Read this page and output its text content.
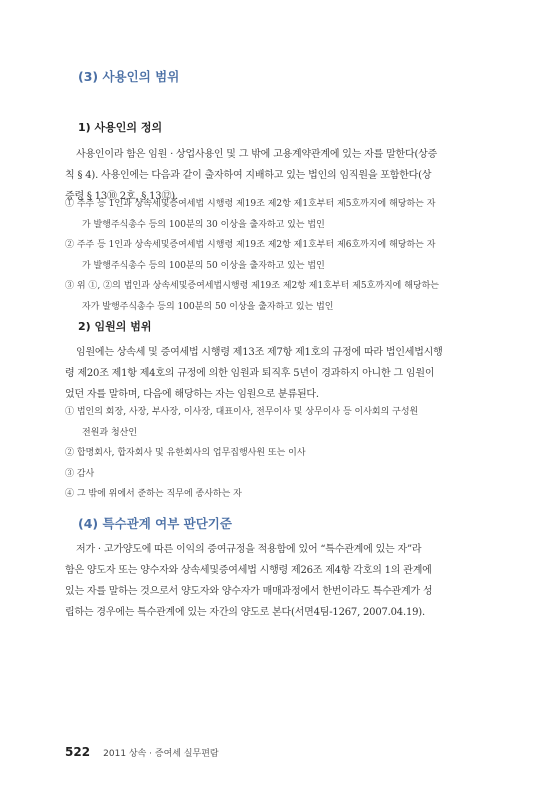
(3) 사용인의 범위
1) 사용인의 정의
사용인이라 함은 임원 · 상업사용인 및 그 밖에 고용계약관계에 있는 자를 말한다(상증
칙 § 4). 사용인에는 다음과 같이 출자하여 지배하고 있는 법인의 임직원을 포함한다(상
증령 § 13⑩ 2호, § 13⑫).
① 주주 등 1인과 상속세및증여세법 시행령 제19조 제2항 제1호부터 제5호까지에 해당하는 자
가 발행주식총수 등의 100분의 30 이상을 출자하고 있는 법인
② 주주 등 1인과 상속세및증여세법 시행령 제19조 제2항 제1호부터 제6호까지에 해당하는 자
가 발행주식총수 등의 100분의 50 이상을 출자하고 있는 법인
③ 위 ①, ②의 법인과 상속세및증여세법시행령 제19조 제2항 제1호부터 제5호까지에 해당하는
자가 발행주식총수 등의 100분의 50 이상을 출자하고 있는 법인
2) 임원의 범위
임원에는 상속세 및 증여세법 시행령 제13조 제7항 제1호의 규정에 따라 법인세법시행
령 제20조 제1항 제4호의 규정에 의한 임원과 퇴직후 5년이 경과하지 아니한 그 임원이
었던 자를 말하며, 다음에 해당하는 자는 임원으로 분류된다.
① 법인의 회장, 사장, 부사장, 이사장, 대표이사, 전무이사 및 상무이사 등 이사회의 구성원
전원과 청산인
② 합명회사, 합자회사 및 유한회사의 업무집행사원 또는 이사
③ 감사
④ 그 밖에 위에서 준하는 직무에 종사하는 자
(4) 특수관계 여부 판단기준
저가 · 고가양도에 따른 이익의 증여규정을 적용함에 있어 “특수관계에 있는 자”라
함은 양도자 또는 양수자와 상속세및증여세법 시행령 제26조 제4항 각호의 1의 관계에
있는 자를 말하는 것으로서 양도자와 양수자가 매매과정에서 한번이라도 특수관계가 성
립하는 경우에는 특수관계에 있는 자간의 양도로 본다(서면4팀-1267, 2007.04.19).
522 2011 상속 · 증여세 실무편람
